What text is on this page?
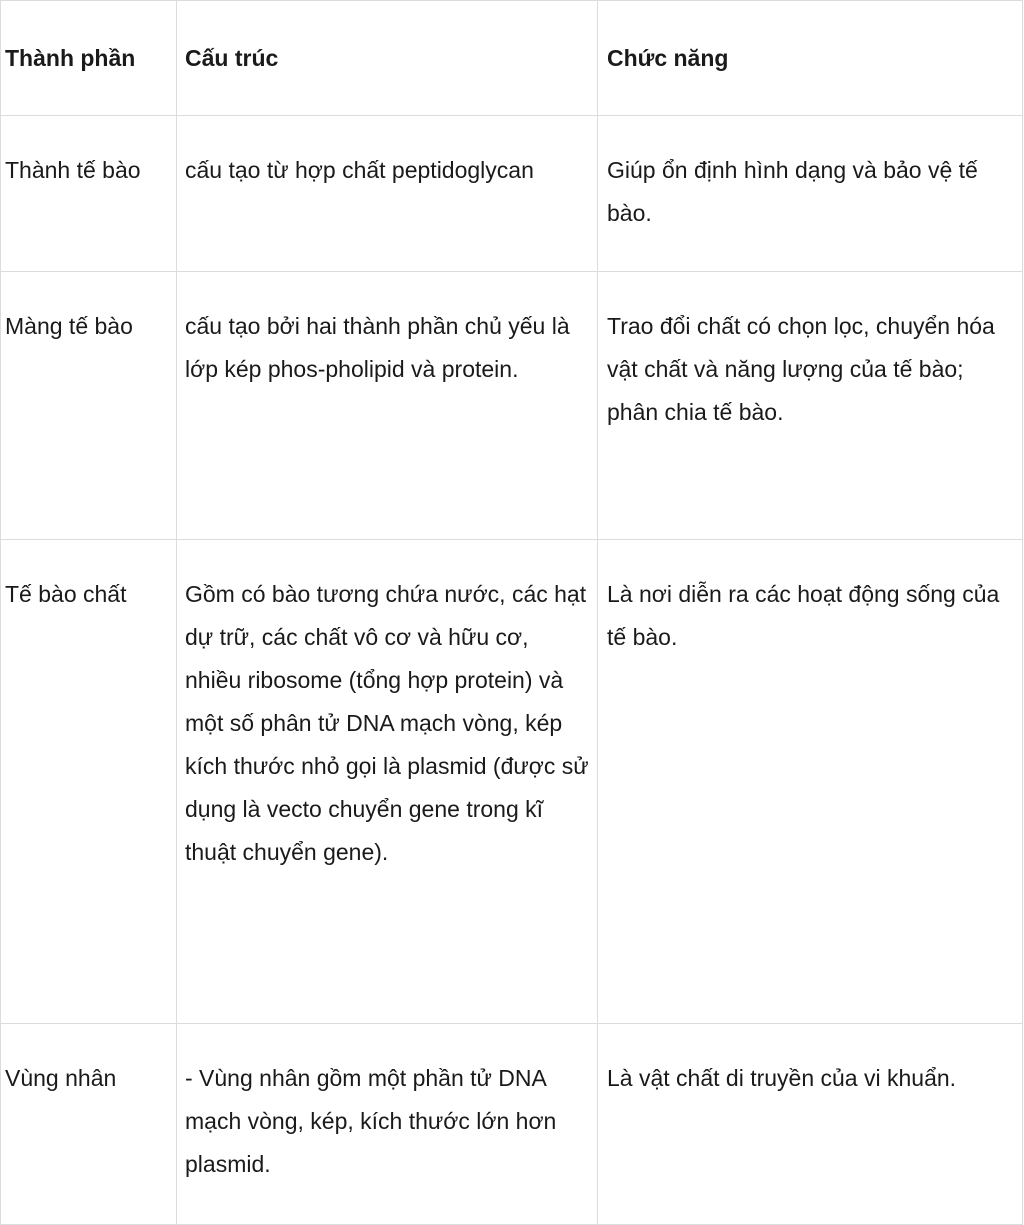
Thành phần	Cấu trúc	Chức năng

Thành tế bào	cấu tạo từ hợp chất peptidoglycan	Giúp ổn định hình dạng và bảo vệ tế bào.

Màng tế bào	cấu tạo bởi hai thành phần chủ yếu là lớp kép phos-pholipid và protein.	Trao đổi chất có chọn lọc, chuyển hóa vật chất và năng lượng của tế bào; phân chia tế bào.

Tế bào chất	Gồm có bào tương chứa nước, các hạt dự trữ, các chất vô cơ và hữu cơ, nhiều ribosome (tổng hợp protein) và một số phân tử DNA mạch vòng, kép kích thước nhỏ gọi là plasmid (được sử dụng là vecto chuyển gene trong kĩ thuật chuyển gene).	Là nơi diễn ra các hoạt động sống của tế bào.

Vùng nhân	- Vùng nhân gồm một phần tử DNA mạch vòng, kép, kích thước lớn hơn plasmid.	Là vật chất di truyền của vi khuẩn.
